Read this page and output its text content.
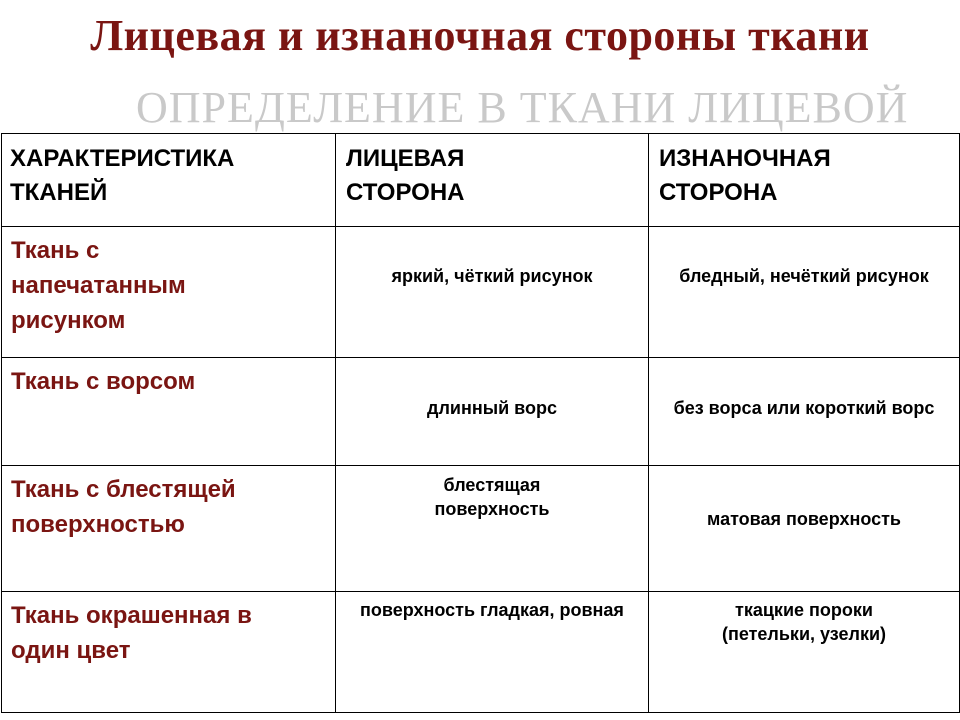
Лицевая и изнаночная стороны ткани
ОПРЕДЕЛЕНИЕ В ТКАНИ ЛИЦЕВОЙ
ХАРАКТЕРИСТИКА ТКАНЕЙ	ЛИЦЕВАЯ СТОРОНА	ИЗНАНОЧНАЯ СТОРОНА

Ткань с напечатанным рисунком	яркий, чёткий рисунок	бледный, нечёткий рисунок

Ткань с ворсом	длинный ворс	без ворса или короткий ворс

Ткань с блестящей поверхностью	блестящая поверхность	матовая поверхность

Ткань окрашенная в один цвет	поверхность гладкая, ровная	ткацкие пороки (петельки, узелки)
